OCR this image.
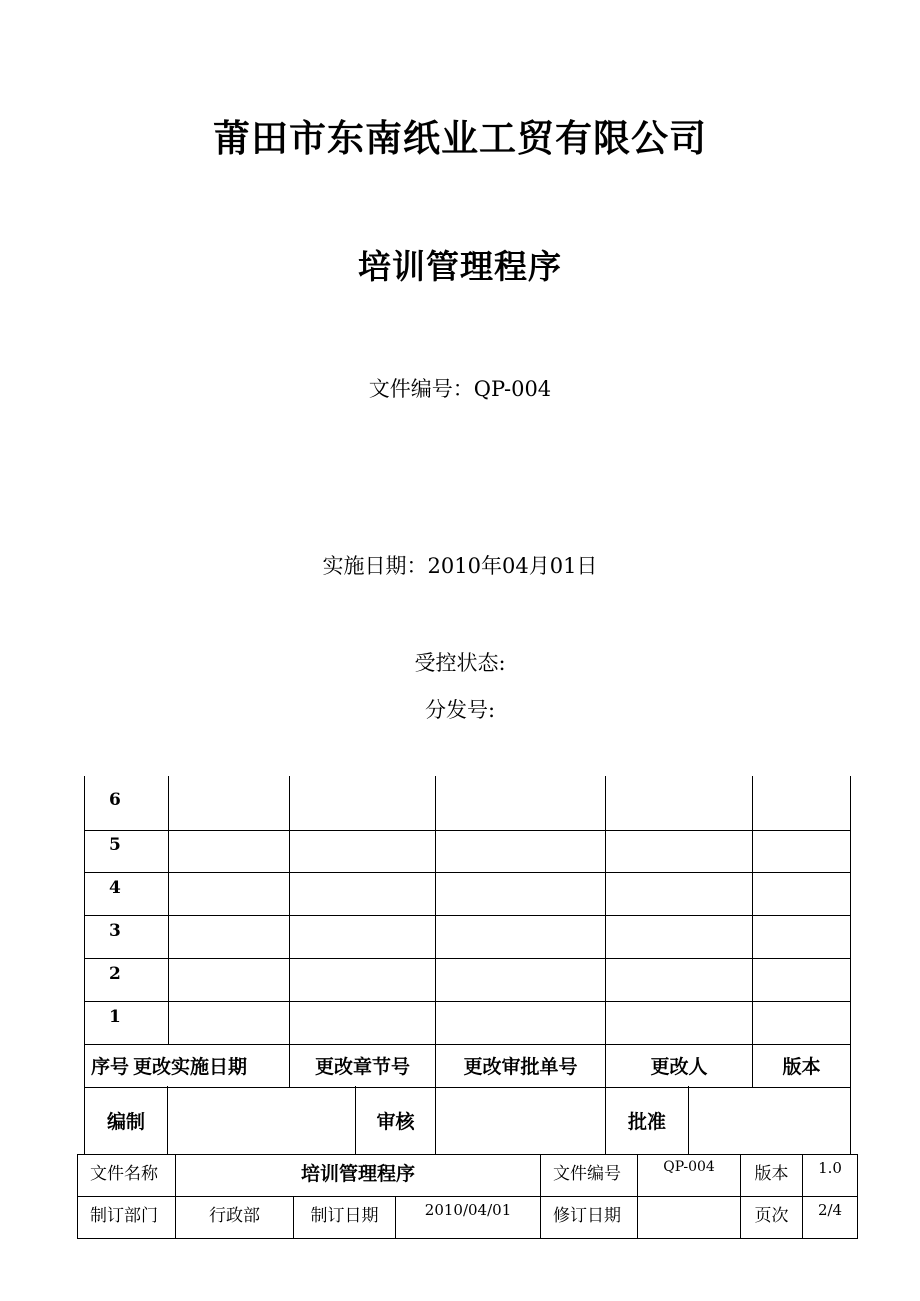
莆田市东南纸业工贸有限公司
培训管理程序
文件编号：QP-004
实施日期：2010年04月01日
受控状态:
分发号:
6					
5					
4					
3					
2					
1					
序号 更改实施日期		更改章节号	更改审批单号	更改人	版本
编制		审核		批准	
文件名称	培训管理程序			文件编号	QP-004	版本	1.0
制订部门	行政部	制订日期	2010/04/01	修订日期		页次	2/4
